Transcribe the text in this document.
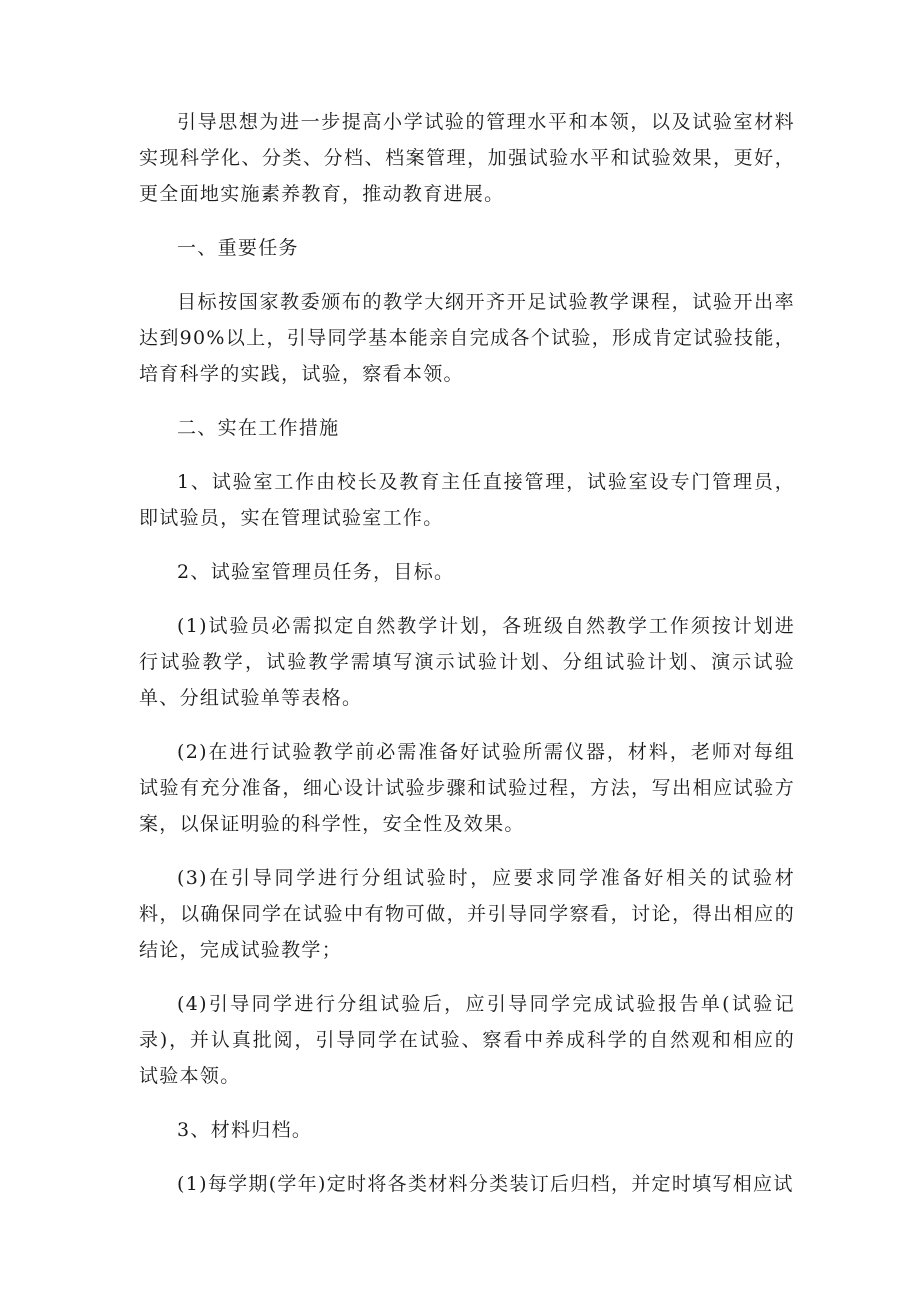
引导思想为进一步提高小学试验的管理水平和本领，以及试验室材料实现科学化、分类、分档、档案管理，加强试验水平和试验效果，更好，更全面地实施素养教育，推动教育进展。

一、重要任务

目标按国家教委颁布的教学大纲开齐开足试验教学课程，试验开出率达到90%以上，引导同学基本能亲自完成各个试验，形成肯定试验技能，培育科学的实践，试验，察看本领。

二、实在工作措施

1、试验室工作由校长及教育主任直接管理，试验室设专门管理员，即试验员，实在管理试验室工作。

2、试验室管理员任务，目标。

(1)试验员必需拟定自然教学计划，各班级自然教学工作须按计划进行试验教学，试验教学需填写演示试验计划、分组试验计划、演示试验单、分组试验单等表格。

(2)在进行试验教学前必需准备好试验所需仪器，材料，老师对每组试验有充分准备，细心设计试验步骤和试验过程，方法，写出相应试验方案，以保证明验的科学性，安全性及效果。

(3)在引导同学进行分组试验时，应要求同学准备好相关的试验材料，以确保同学在试验中有物可做，并引导同学察看，讨论，得出相应的结论，完成试验教学；

(4)引导同学进行分组试验后，应引导同学完成试验报告单(试验记录)，并认真批阅，引导同学在试验、察看中养成科学的自然观和相应的试验本领。

3、材料归档。

(1)每学期(学年)定时将各类材料分类装订后归档，并定时填写相应试
